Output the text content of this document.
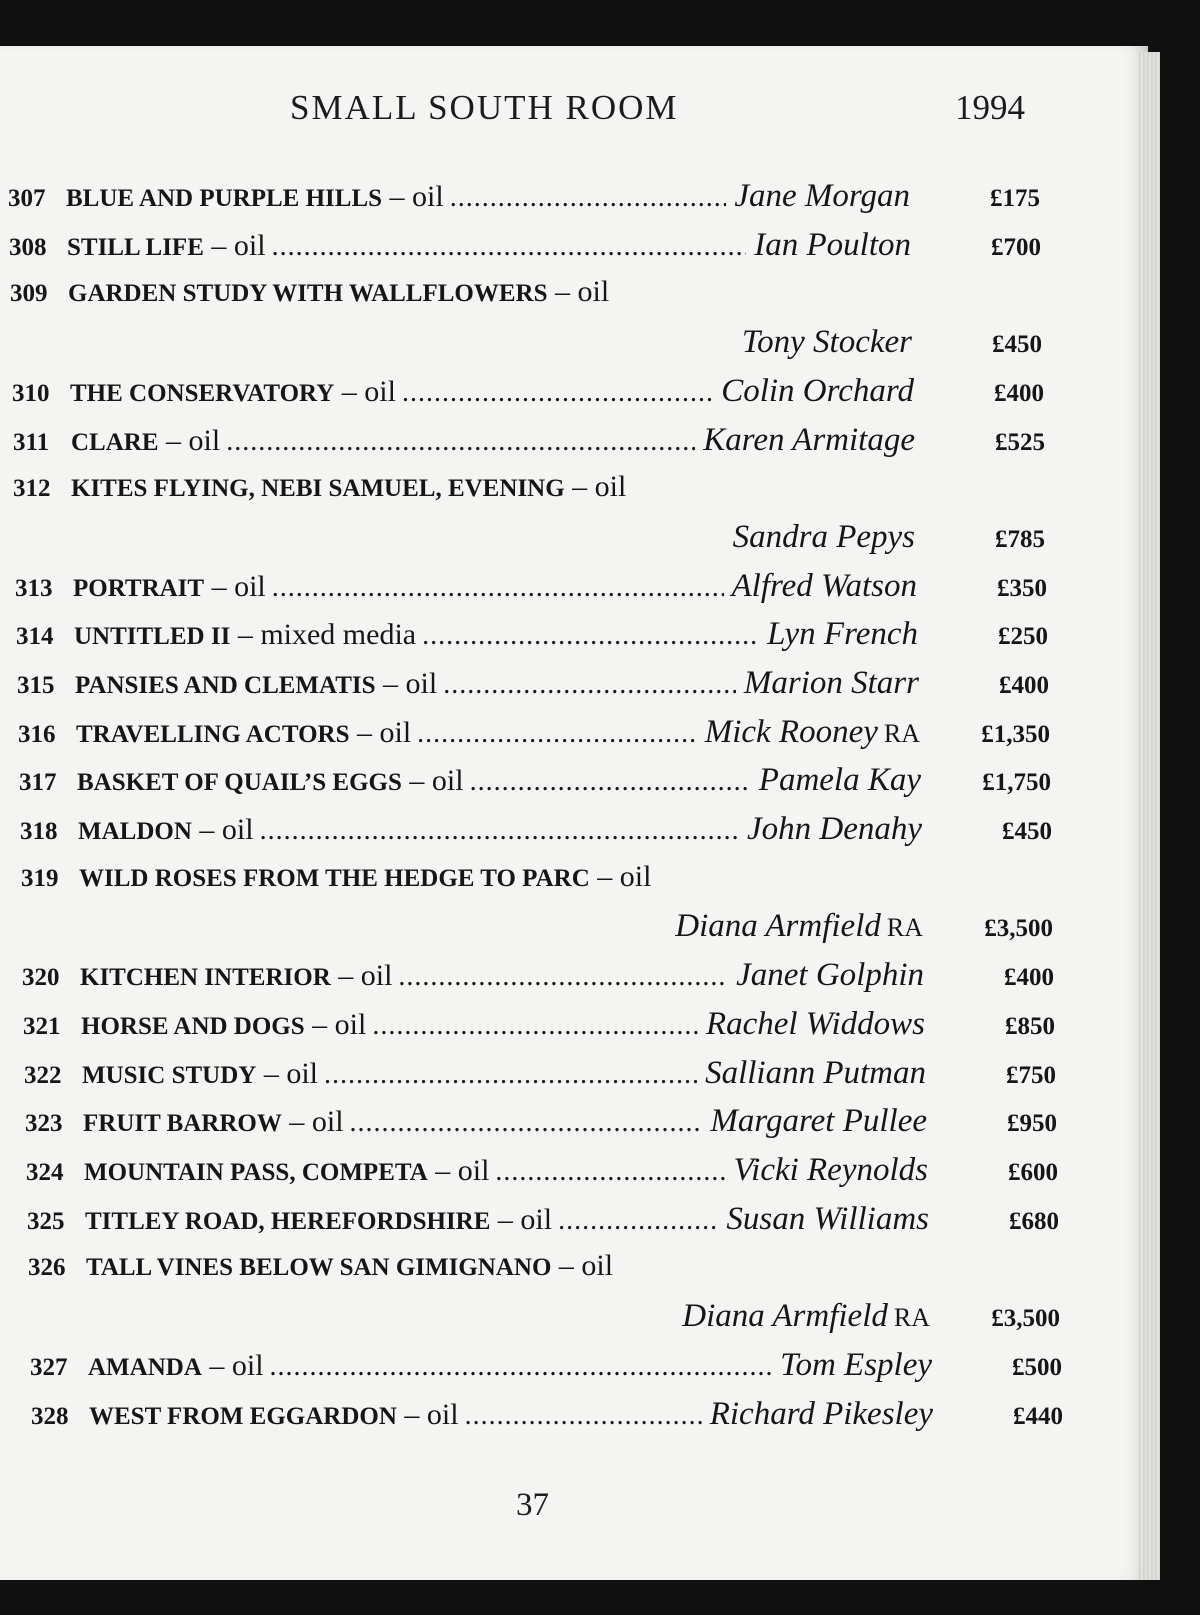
SMALL SOUTH ROOM	1994
307 BLUE AND PURPLE HILLS – oil .....	Jane Morgan	£175
308 STILL LIFE – oil .....	Ian Poulton	£700
309 GARDEN STUDY WITH WALLFLOWERS – oil
Tony Stocker	£450
310 THE CONSERVATORY – oil .....	Colin Orchard	£400
311 CLARE – oil .....	Karen Armitage	£525
312 KITES FLYING, NEBI SAMUEL, EVENING – oil
Sandra Pepys	£785
313 PORTRAIT – oil .....	Alfred Watson	£350
314 UNTITLED II – mixed media .....	Lyn French	£250
315 PANSIES AND CLEMATIS – oil .....	Marion Starr	£400
316 TRAVELLING ACTORS – oil .....	Mick Rooney RA	£1,350
317 BASKET OF QUAIL’S EGGS – oil .....	Pamela Kay	£1,750
318 MALDON – oil .....	John Denahy	£450
319 WILD ROSES FROM THE HEDGE TO PARC – oil
Diana Armfield RA	£3,500
320 KITCHEN INTERIOR – oil .....	Janet Golphin	£400
321 HORSE AND DOGS – oil .....	Rachel Widdows	£850
322 MUSIC STUDY – oil .....	Salliann Putman	£750
323 FRUIT BARROW – oil .....	Margaret Pullee	£950
324 MOUNTAIN PASS, COMPETA – oil .....	Vicki Reynolds	£600
325 TITLEY ROAD, HEREFORDSHIRE – oil .....	Susan Williams	£680
326 TALL VINES BELOW SAN GIMIGNANO – oil
Diana Armfield RA	£3,500
327 AMANDA – oil .....	Tom Espley	£500
328 WEST FROM EGGARDON – oil .....	Richard Pikesley	£440
37
